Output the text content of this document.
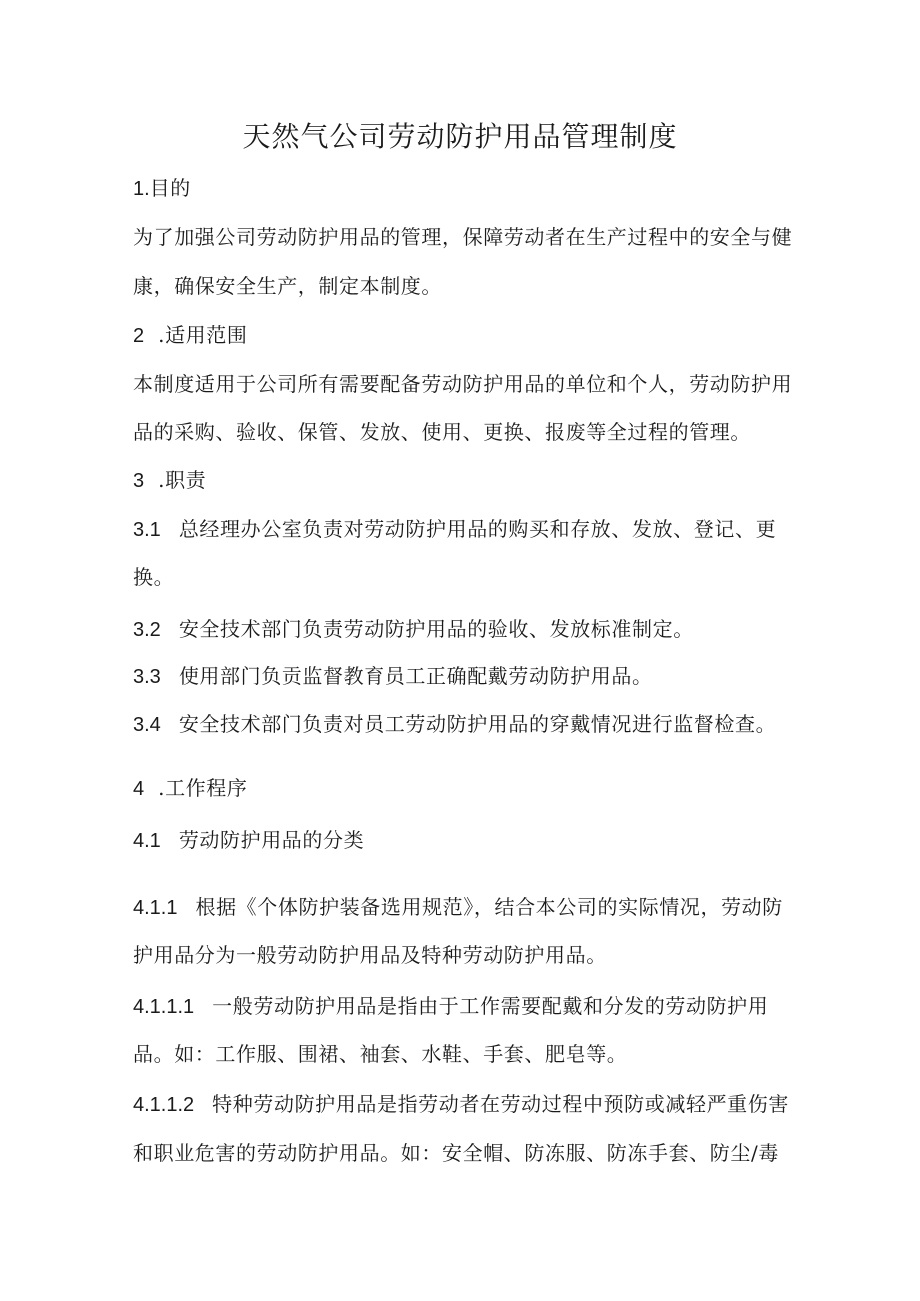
天然气公司劳动防护用品管理制度
1.目的
为了加强公司劳动防护用品的管理，保障劳动者在生产过程中的安全与健
康，确保安全生产，制定本制度。
2 .适用范围
本制度适用于公司所有需要配备劳动防护用品的单位和个人，劳动防护用
品的采购、验收、保管、发放、使用、更换、报废等全过程的管理。
3 .职责
3.1 总经理办公室负责对劳动防护用品的购买和存放、发放、登记、更
换。
3.2 安全技术部门负责劳动防护用品的验收、发放标准制定。
3.3 使用部门负贡监督教育员工正确配戴劳动防护用品。
3.4 安全技术部门负责对员工劳动防护用品的穿戴情况进行监督检查。
4 .工作程序
4.1 劳动防护用品的分类
4.1.1 根据《个体防护装备选用规范》，结合本公司的实际情况，劳动防
护用品分为一般劳动防护用品及特种劳动防护用品。
4.1.1.1 一般劳动防护用品是指由于工作需要配戴和分发的劳动防护用
品。如：工作服、围裙、袖套、水鞋、手套、肥皂等。
4.1.1.2 特种劳动防护用品是指劳动者在劳动过程中预防或减轻严重伤害
和职业危害的劳动防护用品。如：安全帽、防冻服、防冻手套、防尘/毒
